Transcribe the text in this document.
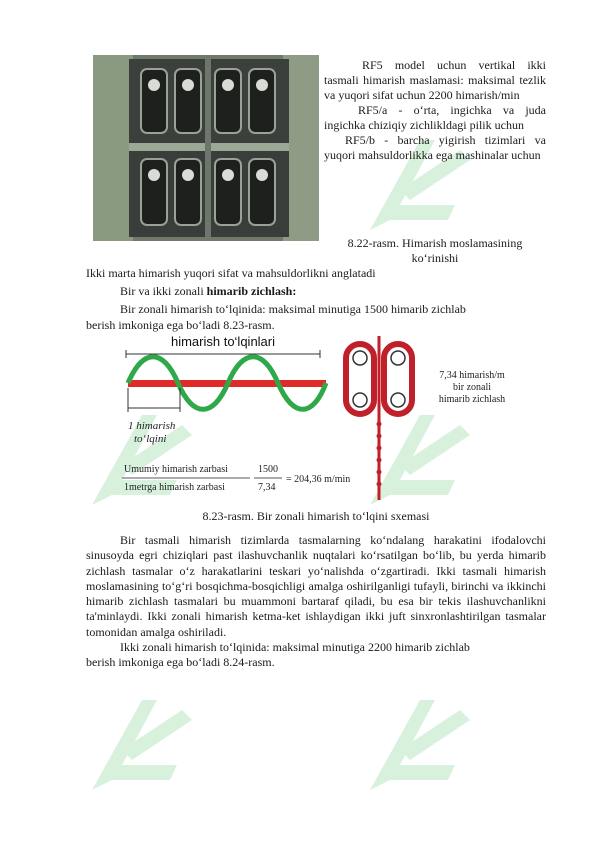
RF5 model uchun vertikal ikki tasmali himarish maslamasi: maksimal tezlik va yuqori sifat uchun 2200 himarish/min

RF5/a - o‘rta, ingichka va juda ingichka chiziqiy zichlikldagi pilik uchun

RF5/b - barcha yigirish tizimlari va yuqori mahsuldorlikka ega mashinalar uchun

8.22-rasm. Himarish moslamasining
ko‘rinishi
Ikki marta himarish yuqori sifat va mahsuldorlikni anglatadi
Bir va ikki zonali himarib zichlash:
Bir zonali himarish to‘lqinida: maksimal minutiga 1500 himarib zichlab
berish imkoniga ega bo‘ladi 8.23-rasm.
himarish to‘lqinlari
1 himarish
to‘lqini
Umumiy himarish zarbasi
1metrga himarish zarbasi
1500
7,34
= 204,36 m/min
7,34 himarish/m
bir zonali
himarib zichlash
8.23-rasm. Bir zonali himarish to‘lqini sxemasi

Bir tasmali himarish tizimlarda tasmalarning ko‘ndalang harakatini ifodalovchi sinusoyda egri chiziqlari past ilashuvchanlik nuqtalari ko‘rsatilgan bo‘lib, bu yerda himarib zichlash tasmalar o‘z harakatlarini teskari yo‘nalishda o‘zgartiradi. Ikki tasmali himarish moslamasining to‘g‘ri bosqichma-bosqichligi amalga oshirilganligi tufayli, birinchi va ikkinchi himarib zichlash tasmalari bu muammoni bartaraf qiladi, bu esa bir tekis ilashuvchanlikni ta'minlaydi. Ikki zonali himarish ketma-ket ishlaydigan ikki juft sinxronlashtirilgan tasmalar tomonidan amalga oshiriladi.

Ikki zonali himarish to‘lqinida: maksimal minutiga 2200 himarib zichlab

berish imkoniga ega bo‘ladi 8.24-rasm.
